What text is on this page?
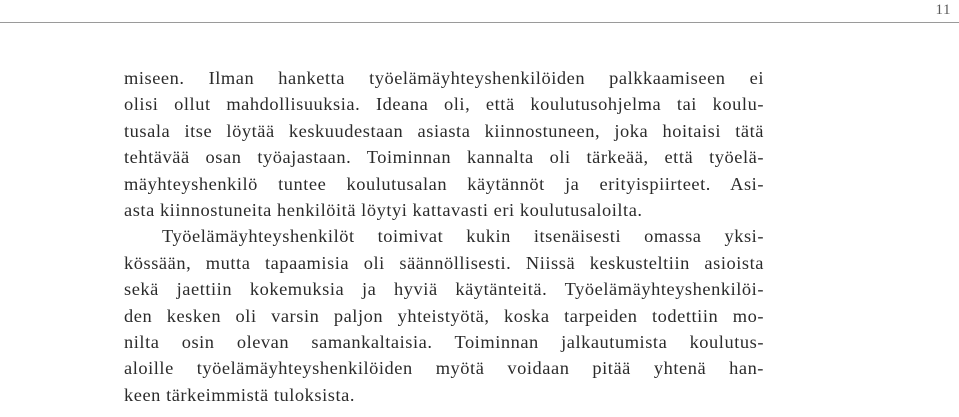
11
miseen. Ilman hanketta työelämäyhteyshenkilöiden palkkaamiseen ei
olisi ollut mahdollisuuksia. Ideana oli, että koulutusohjelma tai koulu-
tusala itse löytää keskuudestaan asiasta kiinnostuneen, joka hoitaisi tätä
tehtävää osan työajastaan. Toiminnan kannalta oli tärkeää, että työelä-
mäyhteyshenkilö tuntee koulutusalan käytännöt ja erityispiirteet. Asi-
asta kiinnostuneita henkilöitä löytyi kattavasti eri koulutusaloilta.
Työelämäyhteyshenkilöt toimivat kukin itsenäisesti omassa yksi-
kössään, mutta tapaamisia oli säännöllisesti. Niissä keskusteltiin asioista
sekä jaettiin kokemuksia ja hyviä käytänteitä. Työelämäyhteyshenkilöi-
den kesken oli varsin paljon yhteistyötä, koska tarpeiden todettiin mo-
nilta osin olevan samankaltaisia. Toiminnan jalkautumista koulutus-
aloille työelämäyhteyshenkilöiden myötä voidaan pitää yhtenä han-
keen tärkeimmistä tuloksista.
